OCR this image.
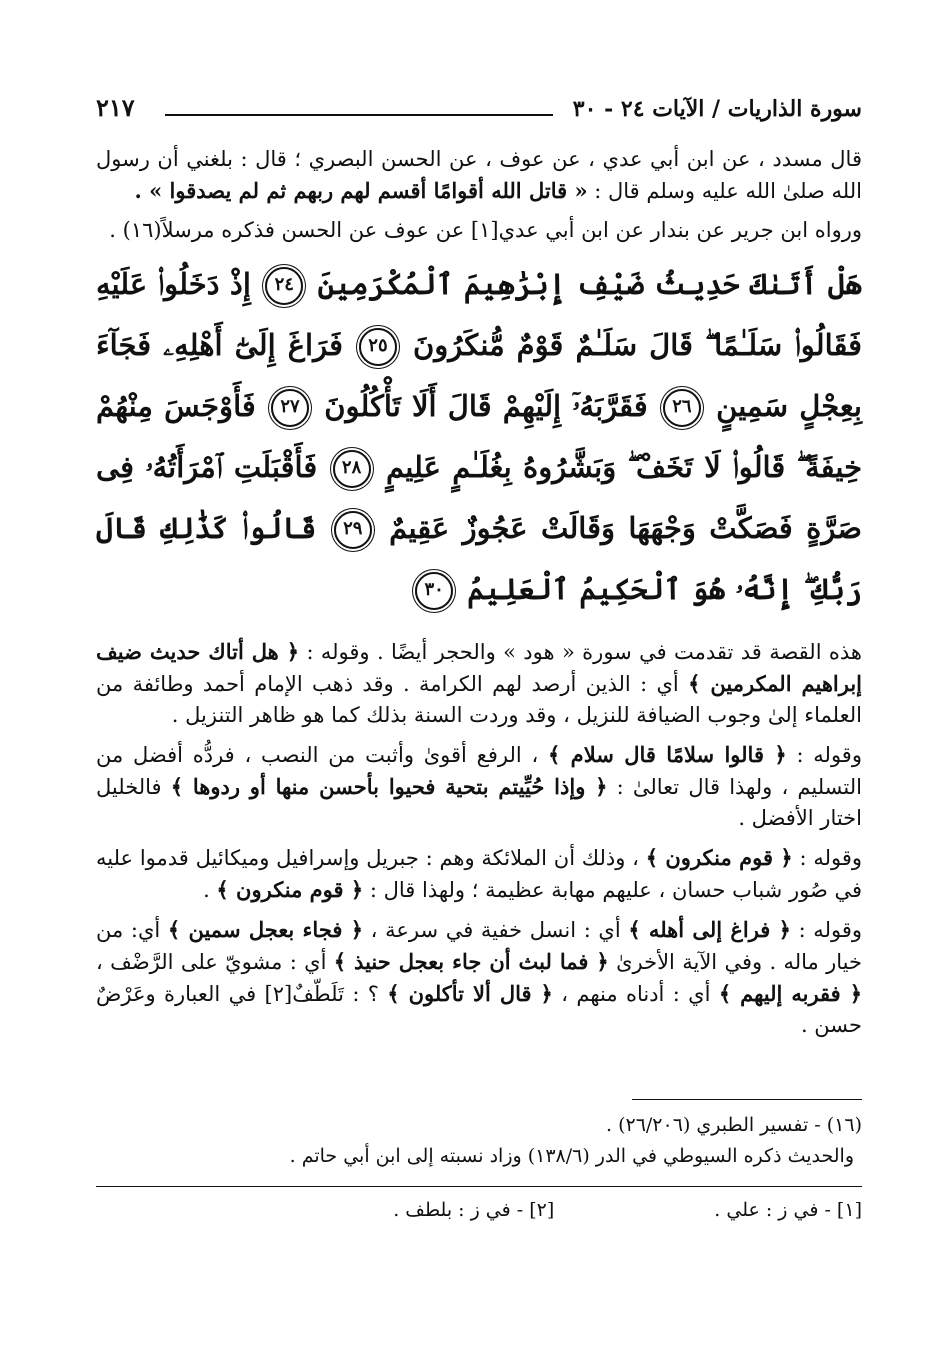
سورة الذاريات / الآيات ٢٤ - ٣٠
٢١٧

قال مسدد ، عن ابن أبي عدي ، عن عوف ، عن الحسن البصري ؛ قال : بلغني أن رسول الله صلىٰ الله عليه وسلم قال : « قاتل الله أقوامًا أقسم لهم ربهم ثم لم يصدقوا » .

ورواه ابن جرير عن بندار عن ابن أبي عدي[١] عن عوف عن الحسن فذكره مرسلاً(١٦) .

هَلْ أَتَىٰكَ حَدِيثُ ضَيْفِ إِبْرَٰهِيمَ ٱلْمُكْرَمِينَ ٢٤ إِذْ دَخَلُوا۟ عَلَيْهِ فَقَالُوا۟ سَلَـٰمًا ۖ قَالَ سَلَـٰمٌ قَوْمٌ مُّنكَرُونَ ٢٥ فَرَاغَ إِلَىٰٓ أَهْلِهِۦ فَجَآءَ بِعِجْلٍ سَمِينٍ ٢٦ فَقَرَّبَهُۥٓ إِلَيْهِمْ قَالَ أَلَا تَأْكُلُونَ ٢٧ فَأَوْجَسَ مِنْهُمْ خِيفَةً ۖ قَالُوا۟ لَا تَخَفْ ۖ وَبَشَّرُوهُ بِغُلَـٰمٍ عَلِيمٍ ٢٨ فَأَقْبَلَتِ ٱمْرَأَتُهُۥ فِى صَرَّةٍ فَصَكَّتْ وَجْهَهَا وَقَالَتْ عَجُوزٌ عَقِيمٌ ٢٩ قَالُوا۟ كَذَٰلِكِ قَالَ رَبُّكِ ۖ إِنَّهُۥ هُوَ ٱلْحَكِيمُ ٱلْعَلِيمُ ٣٠

هذه القصة قد تقدمت في سورة « هود » والحجر أيضًا . وقوله : ﴿ هل أتاك حديث ضيف إبراهيم المكرمين ﴾ أي : الذين أرصد لهم الكرامة . وقد ذهب الإمام أحمد وطائفة من العلماء إلىٰ وجوب الضيافة للنزيل ، وقد وردت السنة بذلك كما هو ظاهر التنزيل .

وقوله : ﴿ قالوا سلامًا قال سلام ﴾ ، الرفع أقوىٰ وأثبت من النصب ، فردُّه أفضل من التسليم ، ولهذا قال تعالىٰ : ﴿ وإذا حُيِّيتم بتحية فحيوا بأحسن منها أو ردوها ﴾ فالخليل اختار الأفضل .

وقوله : ﴿ قوم منكرون ﴾ ، وذلك أن الملائكة وهم : جبريل وإسرافيل وميكائيل قدموا عليه في صُور شباب حسان ، عليهم مهابة عظيمة ؛ ولهذا قال : ﴿ قوم منكرون ﴾ .

وقوله : ﴿ فراغ إلى أهله ﴾ أي : انسل خفية في سرعة ، ﴿ فجاء بعجل سمين ﴾ أي: من خيار ماله . وفي الآية الأخرىٰ ﴿ فما لبث أن جاء بعجل حنيذ ﴾ أي : مشويّ على الرَّضْف ، ﴿ فقربه إليهم ﴾ أي : أدناه منهم ، ﴿ قال ألا تأكلون ﴾ ؟ : تَلَطّفٌ[٢] في العبارة وعَرْضٌ حسن .

(١٦) - تفسير الطبري (٢٦/٢٠٦) .

والحديث ذكره السيوطي في الدر (١٣٨/٦) وزاد نسبته إلى ابن أبي حاتم .

[١] - في ز : علي .
[٢] - في ز : بلطف .
